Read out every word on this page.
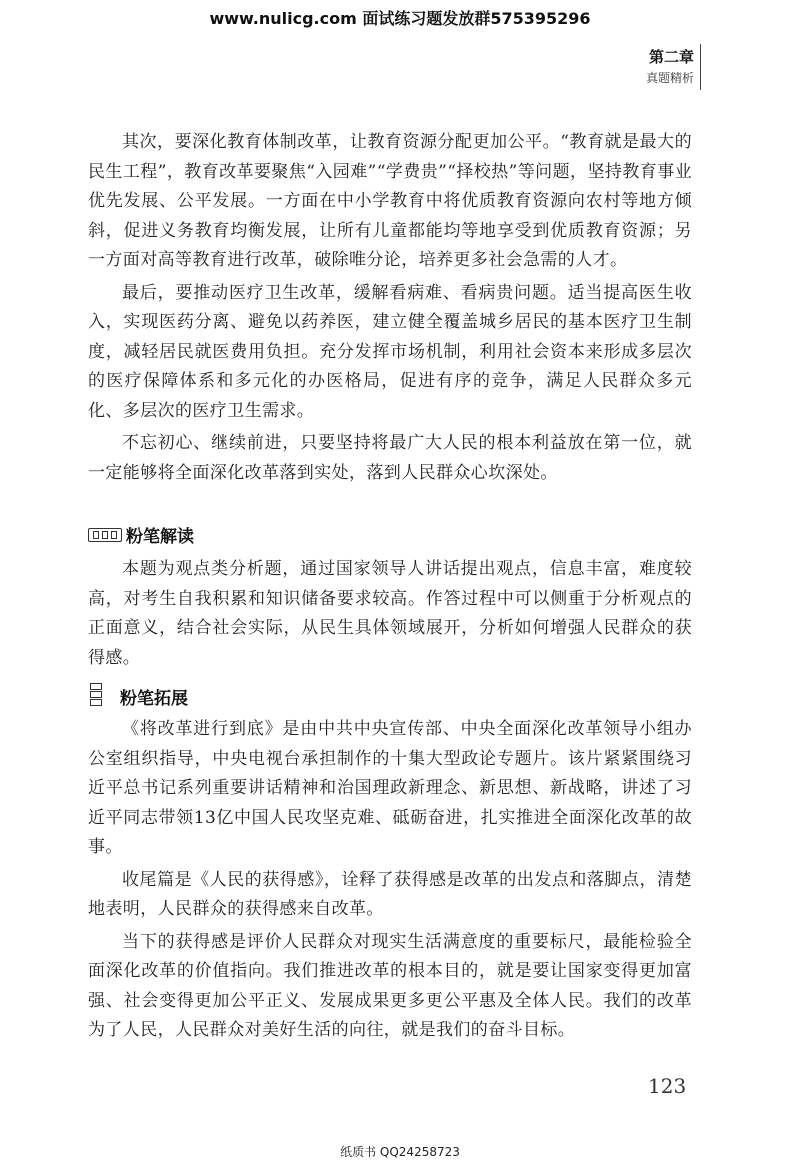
www.nulicg.com 面试练习题发放群575395296
第二章
真题精析

其次，要深化教育体制改革，让教育资源分配更加公平。“教育就是最大的民生工程”，教育改革要聚焦“入园难”“学费贵”“择校热”等问题，坚持教育事业优先发展、公平发展。一方面在中小学教育中将优质教育资源向农村等地方倾斜，促进义务教育均衡发展，让所有儿童都能均等地享受到优质教育资源；另一方面对高等教育进行改革，破除唯分论，培养更多社会急需的人才。

最后，要推动医疗卫生改革，缓解看病难、看病贵问题。适当提高医生收入，实现医药分离、避免以药养医，建立健全覆盖城乡居民的基本医疗卫生制度，减轻居民就医费用负担。充分发挥市场机制，利用社会资本来形成多层次的医疗保障体系和多元化的办医格局，促进有序的竞争，满足人民群众多元化、多层次的医疗卫生需求。

不忘初心、继续前进，只要坚持将最广大人民的根本利益放在第一位，就一定能够将全面深化改革落到实处，落到人民群众心坎深处。

粉笔解读

本题为观点类分析题，通过国家领导人讲话提出观点，信息丰富，难度较高，对考生自我积累和知识储备要求较高。作答过程中可以侧重于分析观点的正面意义，结合社会实际，从民生具体领域展开，分析如何增强人民群众的获得感。

粉笔拓展

《将改革进行到底》是由中共中央宣传部、中央全面深化改革领导小组办公室组织指导，中央电视台承担制作的十集大型政论专题片。该片紧紧围绕习近平总书记系列重要讲话精神和治国理政新理念、新思想、新战略，讲述了习近平同志带领13亿中国人民攻坚克难、砥砺奋进，扎实推进全面深化改革的故事。

收尾篇是《人民的获得感》，诠释了获得感是改革的出发点和落脚点，清楚地表明，人民群众的获得感来自改革。

当下的获得感是评价人民群众对现实生活满意度的重要标尺，最能检验全面深化改革的价值指向。我们推进改革的根本目的，就是要让国家变得更加富强、社会变得更加公平正义、发展成果更多更公平惠及全体人民。我们的改革为了人民，人民群众对美好生活的向往，就是我们的奋斗目标。

123
纸质书 QQ24258723
